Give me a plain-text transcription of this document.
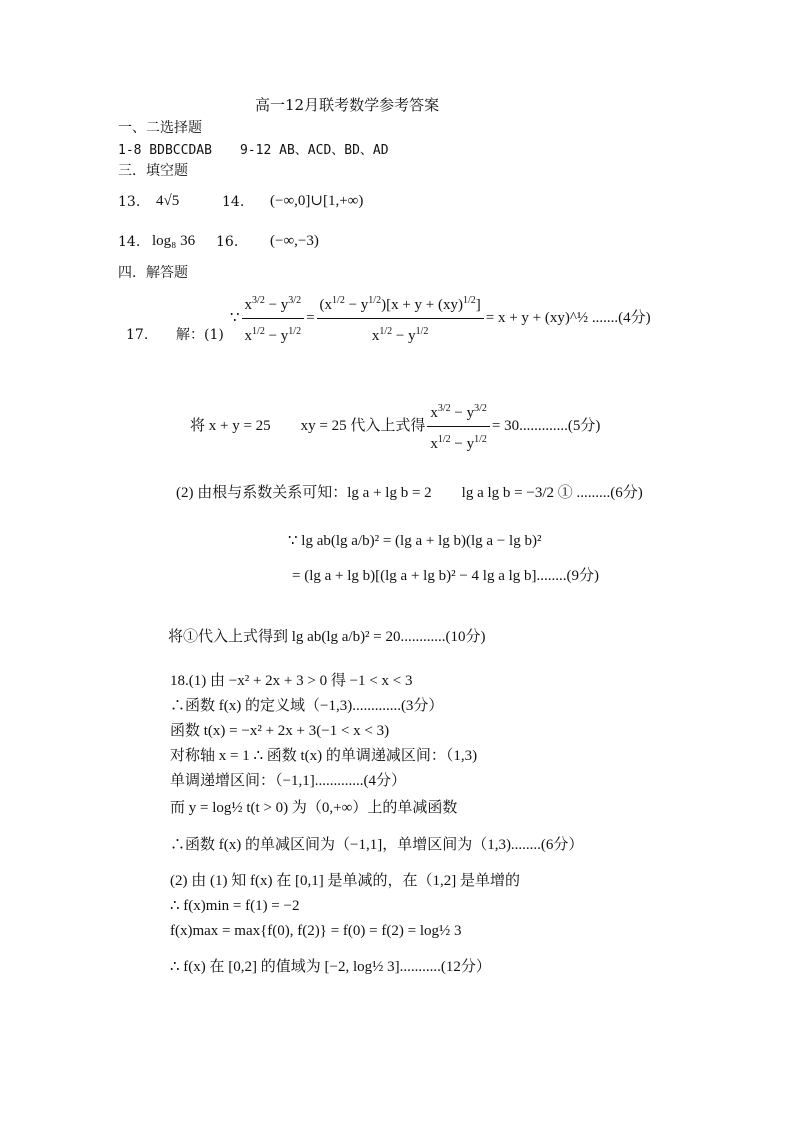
高一12月联考数学参考答案
一、二选择题
1-8 BDBCCDAB 9-12 AB、ACD、BD、AD
三．填空题
13. 4√5	14. (−∞,0]∪[1,+∞)
14. log₈ 36 16. (−∞,−3)
四．解答题
17. 解：(1)
∵ $\frac{x^{3/2} - y^{3/2}}{x^{1/2} - y^{1/2}} = \frac{(x^{1/2} - y^{1/2})[x + y + (xy)^{1/2}]}{x^{1/2} - y^{1/2}} = x + y$ + (xy)^½ .......(4分)
将 x + y = 25　　xy = 25 代入上式得 $\frac{x^{3/2} - y^{3/2}}{x^{1/2} - y^{1/2}} = 30.............(5$分)
(2) 由根与系数关系可知：lg a + lg b = 2　　lg a lg b = −3/2 ① .........(6分)
∵ lg ab(lg a/b)² = (lg a + lg b)(lg a − lg b)²
= (lg a + lg b)[(lg a + lg b)² − 4 lg a lg b]........(9分)
将①代入上式得到 lg ab(lg a/b)² = 20............(10分)
18.(1) 由 −x² + 2x + 3 > 0 得 −1 < x < 3
∴函数 f(x) 的定义域（−1,3).............(3分）
函数 t(x) = −x² + 2x + 3(−1 < x < 3)
对称轴 x = 1 ∴ 函数 t(x) 的单调递减区间：（1,3)
单调递增区间：（−1,1].............(4分）
而 y = log½ t(t > 0) 为（0,+∞）上的单减函数
∴函数 f(x) 的单减区间为（−1,1]，单增区间为（1,3)........(6分）
(2) 由 (1) 知 f(x) 在 [0,1] 是单减的，在（1,2] 是单增的
∴ f(x)min = f(1) = −2
f(x)max = max{f(0), f(2)} = f(0) = f(2) = log½ 3
∴ f(x) 在 [0,2] 的值域为 [−2, log½ 3]...........(12分）
